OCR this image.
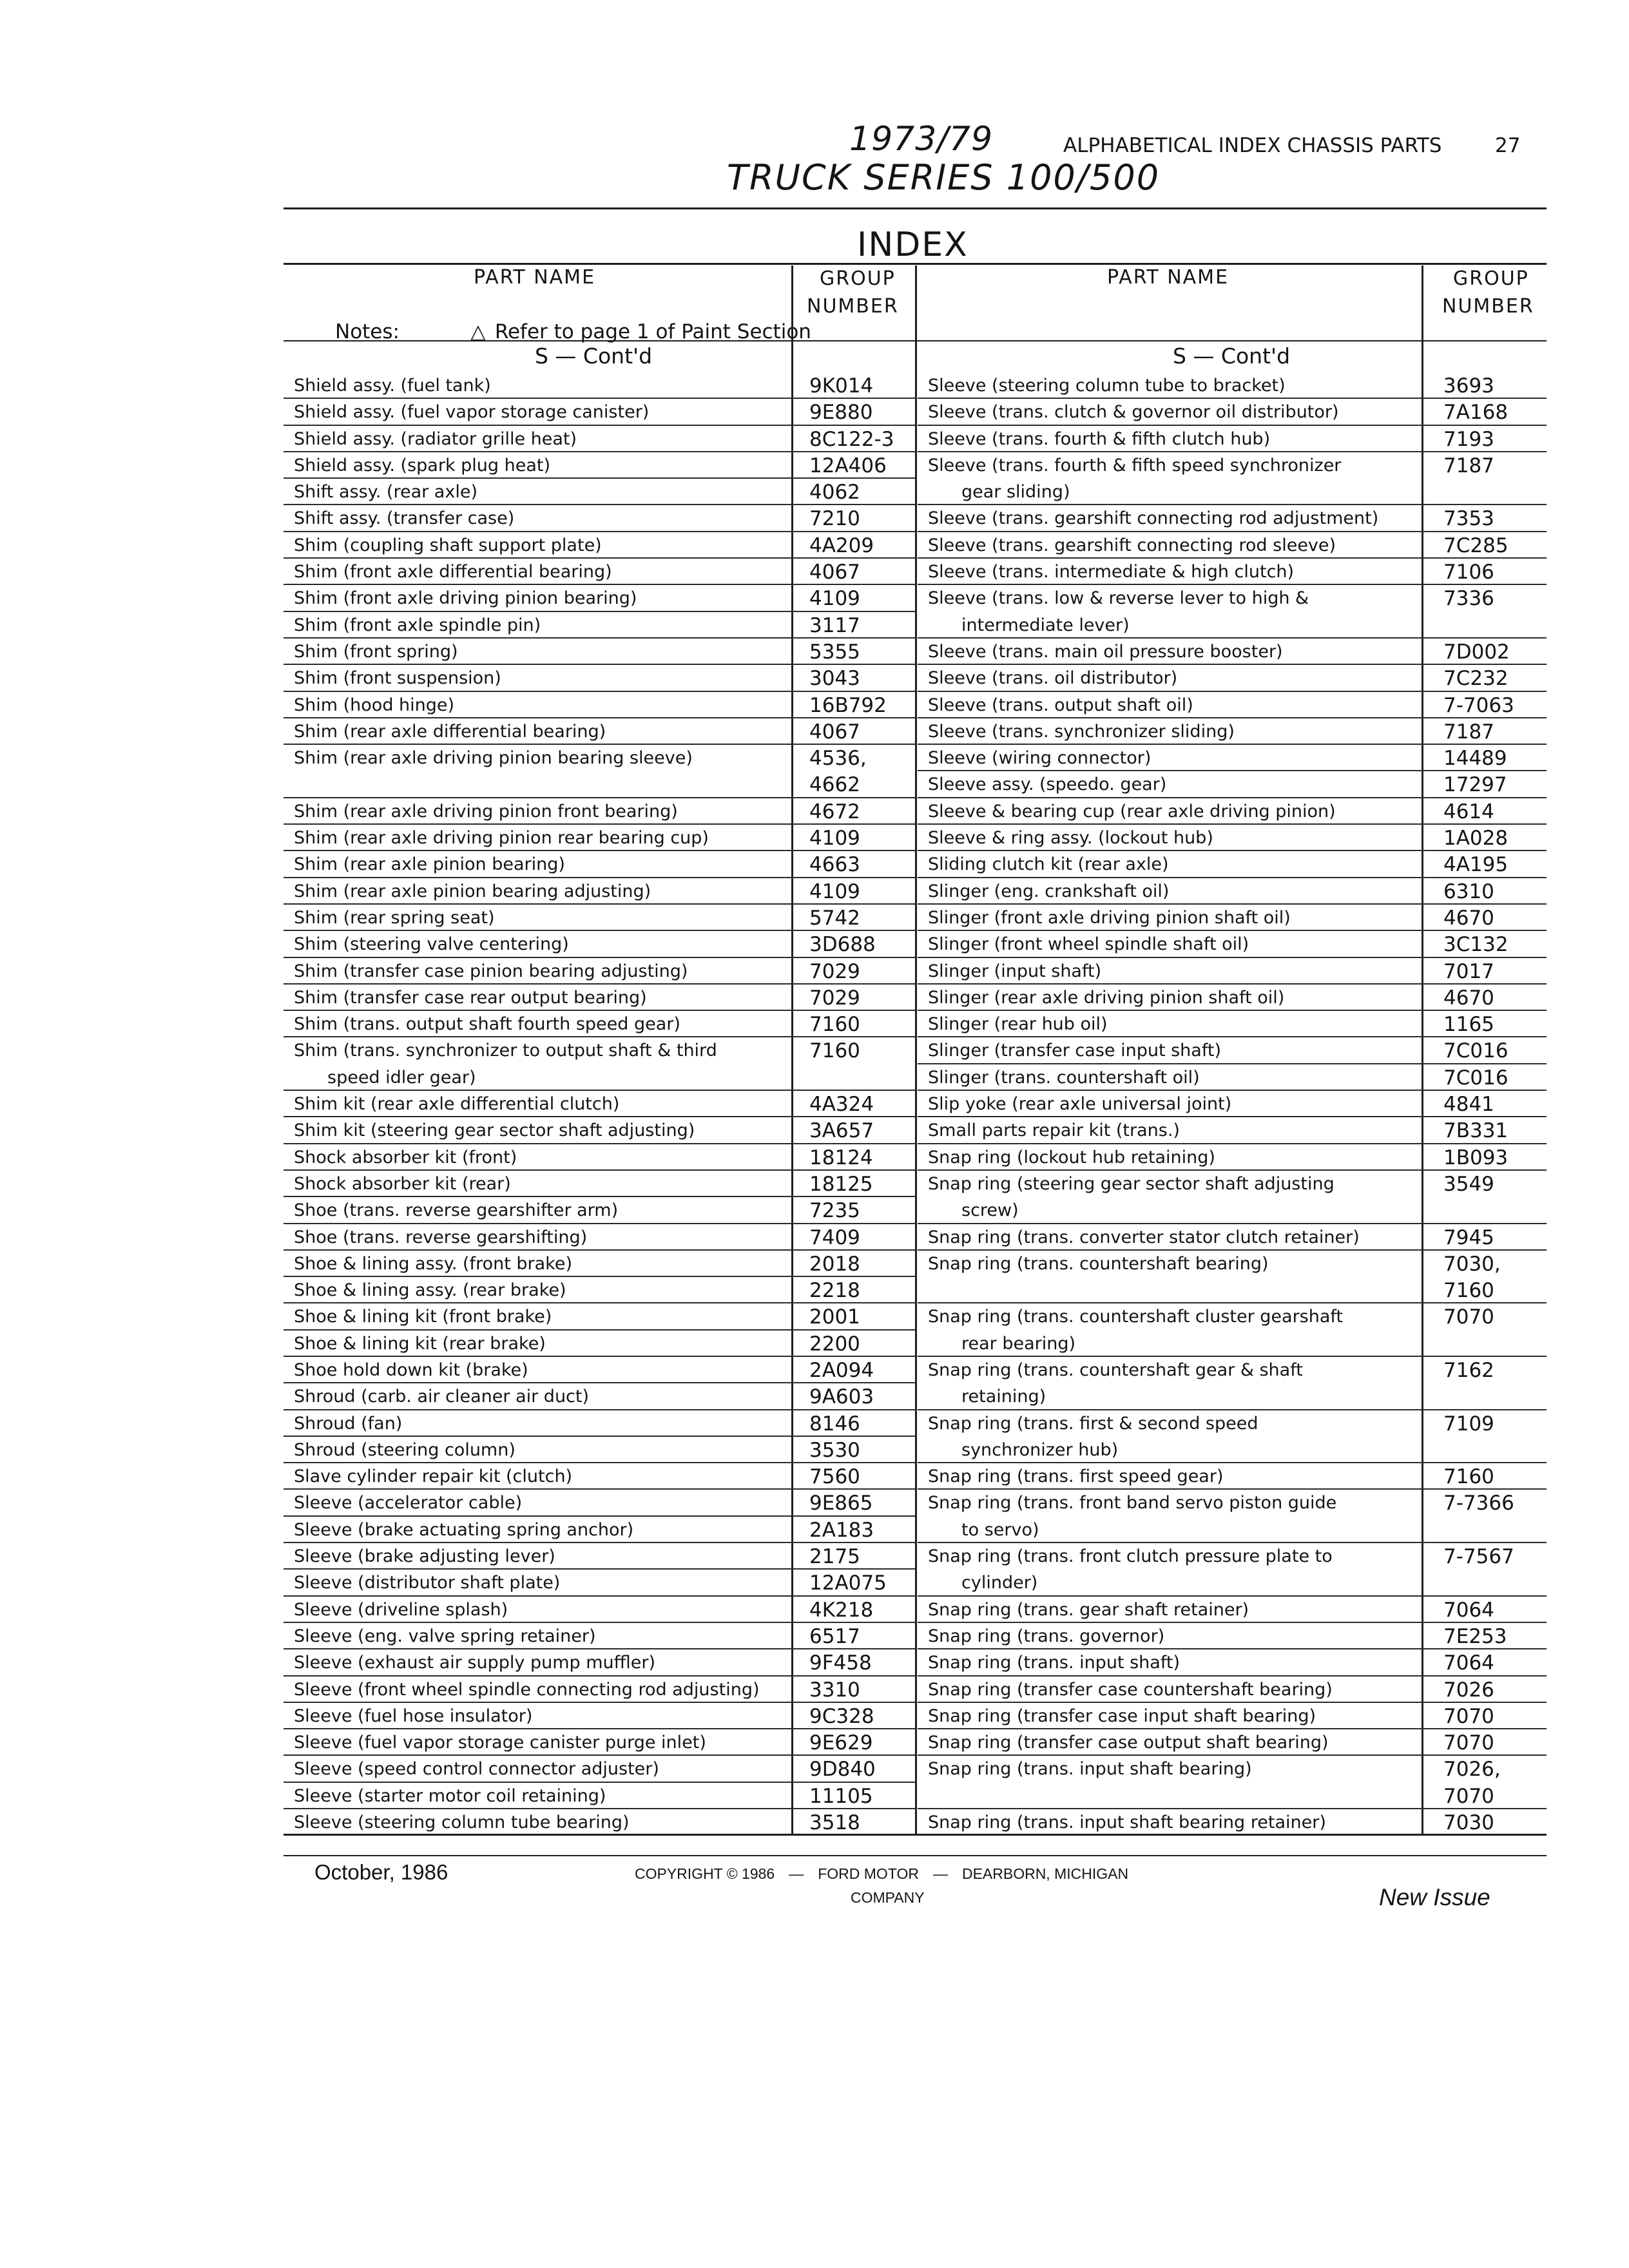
1973/79
TRUCK SERIES 100/500
ALPHABETICAL INDEX CHASSIS PARTS	27
INDEX
PART NAME	GROUP
NUMBER
PART NAME	GROUP
NUMBER
Notes:	△ Refer to page 1 of Paint Section
S — Cont'd	S — Cont'd
Shield assy. (fuel tank)	9K014
Shield assy. (fuel vapor storage canister)	9E880
Shield assy. (radiator grille heat)	8C122-3
Shield assy. (spark plug heat)	12A406
Shift assy. (rear axle)	4062
Shift assy. (transfer case)	7210
Shim (coupling shaft support plate)	4A209
Shim (front axle differential bearing)	4067
Shim (front axle driving pinion bearing)	4109
Shim (front axle spindle pin)	3117
Shim (front spring)	5355
Shim (front suspension)	3043
Shim (hood hinge)	16B792
Shim (rear axle differential bearing)	4067
Shim (rear axle driving pinion bearing sleeve)	4536,
4662
Shim (rear axle driving pinion front bearing)	4672
Shim (rear axle driving pinion rear bearing cup)	4109
Shim (rear axle pinion bearing)	4663
Shim (rear axle pinion bearing adjusting)	4109
Shim (rear spring seat)	5742
Shim (steering valve centering)	3D688
Shim (transfer case pinion bearing adjusting)	7029
Shim (transfer case rear output bearing)	7029
Shim (trans. output shaft fourth speed gear)	7160
Shim (trans. synchronizer to output shaft & third	7160
speed idler gear)
Shim kit (rear axle differential clutch)	4A324
Shim kit (steering gear sector shaft adjusting)	3A657
Shock absorber kit (front)	18124
Shock absorber kit (rear)	18125
Shoe (trans. reverse gearshifter arm)	7235
Shoe (trans. reverse gearshifting)	7409
Shoe & lining assy. (front brake)	2018
Shoe & lining assy. (rear brake)	2218
Shoe & lining kit (front brake)	2001
Shoe & lining kit (rear brake)	2200
Shoe hold down kit (brake)	2A094
Shroud (carb. air cleaner air duct)	9A603
Shroud (fan)	8146
Shroud (steering column)	3530
Slave cylinder repair kit (clutch)	7560
Sleeve (accelerator cable)	9E865
Sleeve (brake actuating spring anchor)	2A183
Sleeve (brake adjusting lever)	2175
Sleeve (distributor shaft plate)	12A075
Sleeve (driveline splash)	4K218
Sleeve (eng. valve spring retainer)	6517
Sleeve (exhaust air supply pump muffler)	9F458
Sleeve (front wheel spindle connecting rod adjusting)	3310
Sleeve (fuel hose insulator)	9C328
Sleeve (fuel vapor storage canister purge inlet)	9E629
Sleeve (speed control connector adjuster)	9D840
Sleeve (starter motor coil retaining)	11105
Sleeve (steering column tube bearing)	3518
Sleeve (steering column tube to bracket)	3693
Sleeve (trans. clutch & governor oil distributor)	7A168
Sleeve (trans. fourth & fifth clutch hub)	7193
Sleeve (trans. fourth & fifth speed synchronizer	7187
gear sliding)
Sleeve (trans. gearshift connecting rod adjustment)	7353
Sleeve (trans. gearshift connecting rod sleeve)	7C285
Sleeve (trans. intermediate & high clutch)	7106
Sleeve (trans. low & reverse lever to high &	7336
intermediate lever)
Sleeve (trans. main oil pressure booster)	7D002
Sleeve (trans. oil distributor)	7C232
Sleeve (trans. output shaft oil)	7-7063
Sleeve (trans. synchronizer sliding)	7187
Sleeve (wiring connector)	14489
Sleeve assy. (speedo. gear)	17297
Sleeve & bearing cup (rear axle driving pinion)	4614
Sleeve & ring assy. (lockout hub)	1A028
Sliding clutch kit (rear axle)	4A195
Slinger (eng. crankshaft oil)	6310
Slinger (front axle driving pinion shaft oil)	4670
Slinger (front wheel spindle shaft oil)	3C132
Slinger (input shaft)	7017
Slinger (rear axle driving pinion shaft oil)	4670
Slinger (rear hub oil)	1165
Slinger (transfer case input shaft)	7C016
Slinger (trans. countershaft oil)	7C016
Slip yoke (rear axle universal joint)	4841
Small parts repair kit (trans.)	7B331
Snap ring (lockout hub retaining)	1B093
Snap ring (steering gear sector shaft adjusting	3549
screw)
Snap ring (trans. converter stator clutch retainer)	7945
Snap ring (trans. countershaft bearing)	7030,
7160
Snap ring (trans. countershaft cluster gearshaft	7070
rear bearing)
Snap ring (trans. countershaft gear & shaft	7162
retaining)
Snap ring (trans. first & second speed	7109
synchronizer hub)
Snap ring (trans. first speed gear)	7160
Snap ring (trans. front band servo piston guide	7-7366
to servo)
Snap ring (trans. front clutch pressure plate to	7-7567
cylinder)
Snap ring (trans. gear shaft retainer)	7064
Snap ring (trans. governor)	7E253
Snap ring (trans. input shaft)	7064
Snap ring (transfer case countershaft bearing)	7026
Snap ring (transfer case input shaft bearing)	7070
Snap ring (transfer case output shaft bearing)	7070
Snap ring (trans. input shaft bearing)	7026,
7070
Snap ring (trans. input shaft bearing retainer)	7030
October, 1986	COPYRIGHT © 1986 — FORD MOTOR — DEARBORN, MICHIGAN
COMPANY	New Issue
